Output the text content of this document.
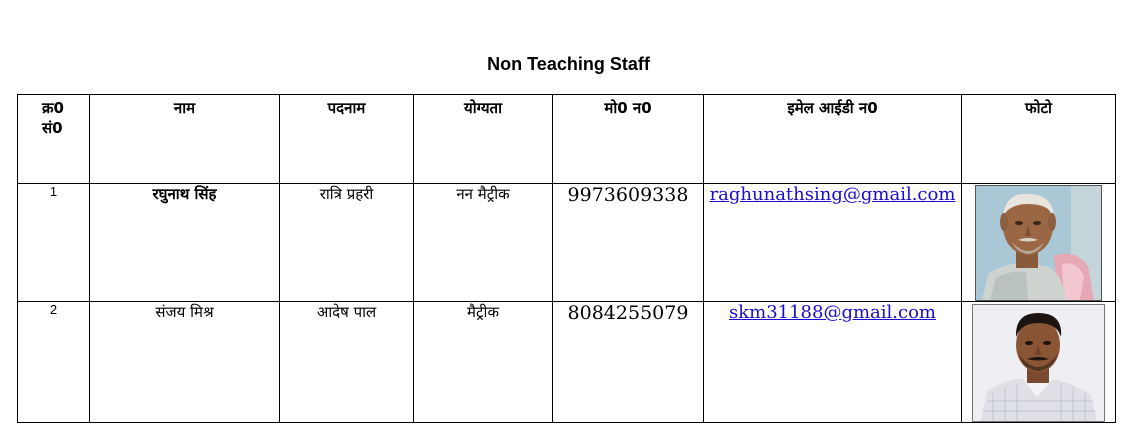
Non Teaching Staff
क्र0 सं0	नाम	पदनाम	योग्यता	मो0 न0	इमेल आईडी न0	फोटो
1	रघुनाथ सिंह	रात्रि प्रहरी	नन मैट्रीक	9973609338	raghunathsing@gmail.com	

2	संजय मिश्र	आदेष पाल	मैट्रीक	8084255079	skm31188@gmail.com	
